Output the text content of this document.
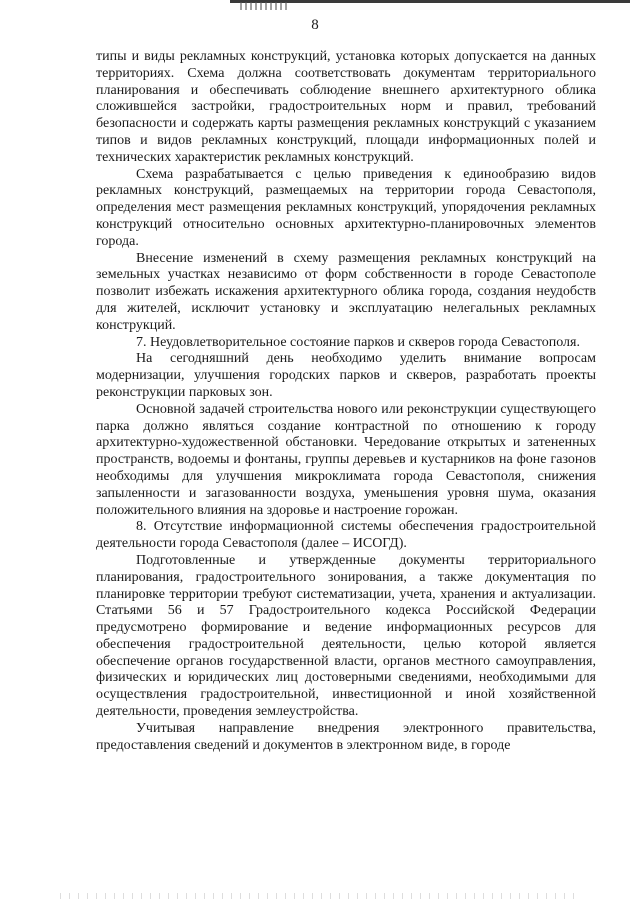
8

типы и виды рекламных конструкций, установка которых допускается на данных территориях. Схема должна соответствовать документам территориального планирования и обеспечивать соблюдение внешнего архитектурного облика сложившейся застройки, градостроительных норм и правил, требований безопасности и содержать карты размещения рекламных конструкций с указанием типов и видов рекламных конструкций, площади информационных полей и технических характеристик рекламных конструкций.

Схема разрабатывается с целью приведения к единообразию видов рекламных конструкций, размещаемых на территории города Севастополя, определения мест размещения рекламных конструкций, упорядочения рекламных конструкций относительно основных архитектурно-планировочных элементов города.

Внесение изменений в схему размещения рекламных конструкций на земельных участках независимо от форм собственности в городе Севастополе позволит избежать искажения архитектурного облика города, создания неудобств для жителей, исключит установку и эксплуатацию нелегальных рекламных конструкций.

7. Неудовлетворительное состояние парков и скверов города Севастополя.

На сегодняшний день необходимо уделить внимание вопросам модернизации, улучшения городских парков и скверов, разработать проекты реконструкции парковых зон.

Основной задачей строительства нового или реконструкции существующего парка должно являться создание контрастной по отношению к городу архитектурно-художественной обстановки. Чередование открытых и затененных пространств, водоемы и фонтаны, группы деревьев и кустарников на фоне газонов необходимы для улучшения микроклимата города Севастополя, снижения запыленности и загазованности воздуха, уменьшения уровня шума, оказания положительного влияния на здоровье и настроение горожан.

8. Отсутствие информационной системы обеспечения градостроительной деятельности города Севастополя (далее – ИСОГД).

Подготовленные и утвержденные документы территориального планирования, градостроительного зонирования, а также документация по планировке территории требуют систематизации, учета, хранения и актуализации. Статьями 56 и 57 Градостроительного кодекса Российской Федерации предусмотрено формирование и ведение информационных ресурсов для обеспечения градостроительной деятельности, целью которой является обеспечение органов государственной власти, органов местного самоуправления, физических и юридических лиц достоверными сведениями, необходимыми для осуществления градостроительной, инвестиционной и иной хозяйственной деятельности, проведения землеустройства.

Учитывая направление внедрения электронного правительства, предоставления сведений и документов в электронном виде, в городе
